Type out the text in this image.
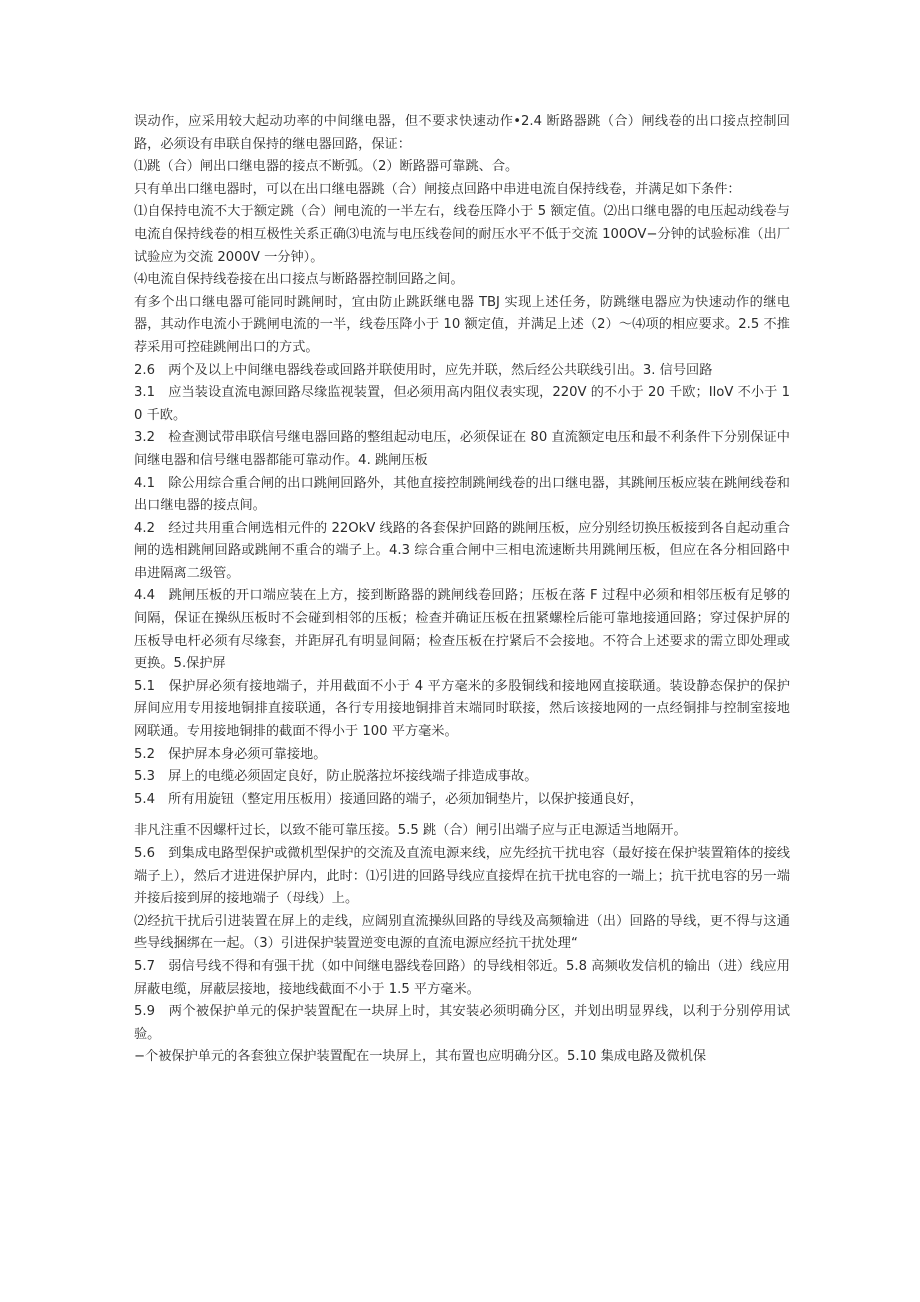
误动作，应采用较大起动功率的中间继电器，但不要求快速动作•2.4 断路器跳（合）闸线卷的出口接点控制回路，必须设有串联自保持的继电器回路，保证：

⑴跳（合）闸出口继电器的接点不断弧。（2）断路器可靠跳、合。

只有单出口继电器时，可以在出口继电器跳（合）闸接点回路中串进电流自保持线卷，并满足如下条件：

⑴自保持电流不大于额定跳（合）闸电流的一半左右，线卷压降小于 5 额定值。⑵出口继电器的电压起动线卷与电流自保持线卷的相互极性关系正确⑶电流与电压线卷间的耐压水平不低于交流 100OV−分钟的试验标准（出厂试验应为交流 2000V 一分钟）。

⑷电流自保持线卷接在出口接点与断路器控制回路之间。

有多个出口继电器可能同时跳闸时，宜由防止跳跃继电器 TBJ 实现上述任务，防跳继电器应为快速动作的继电器，其动作电流小于跳闸电流的一半，线卷压降小于 10 额定值，并满足上述（2）～⑷项的相应要求。2.5 不推荐采用可控硅跳闸出口的方式。

2.6　两个及以上中间继电器线卷或回路并联使用时，应先并联，然后经公共联线引出。3. 信号回路

3.1　应当装设直流电源回路尽缘监视装置，但必须用高内阻仪表实现，220V 的不小于 20 千欧；IloV 不小于 10 千欧。

3.2　检查测试带串联信号继电器回路的整组起动电压，必须保证在 80 直流额定电压和最不利条件下分别保证中间继电器和信号继电器都能可靠动作。4. 跳闸压板

4.1　除公用综合重合闸的出口跳闸回路外，其他直接控制跳闸线卷的出口继电器，其跳闸压板应装在跳闸线卷和出口继电器的接点间。

4.2　经过共用重合闸选相元件的 22OkV 线路的各套保护回路的跳闸压板，应分别经切换压板接到各自起动重合闸的选相跳闸回路或跳闸不重合的端子上。4.3 综合重合闸中三相电流速断共用跳闸压板，但应在各分相回路中串进隔离二级管。

4.4　跳闸压板的开口端应装在上方，接到断路器的跳闸线卷回路；压板在落 F 过程中必须和相邻压板有足够的间隔，保证在操纵压板时不会碰到相邻的压板；检查并确证压板在扭紧螺栓后能可靠地接通回路；穿过保护屏的压板导电杆必须有尽缘套，并距屏孔有明显间隔；检查压板在拧紧后不会接地。不符合上述要求的需立即处理或更换。5.保护屏

5.1　保护屏必须有接地端子，并用截面不小于 4 平方毫米的多股铜线和接地网直接联通。装设静态保护的保护屏间应用专用接地铜排直接联通，各行专用接地铜排首末端同时联接，然后该接地网的一点经铜排与控制室接地网联通。专用接地铜排的截面不得小于 100 平方毫米。

5.2　保护屏本身必须可靠接地。

5.3　屏上的电缆必须固定良好，防止脱落拉坏接线端子排造成事故。

5.4　所有用旋钮（整定用压板用）接通回路的端子，必须加铜垫片，以保护接通良好，

非凡注重不因螺杆过长，以致不能可靠压接。5.5 跳（合）闸引出端子应与正电源适当地隔开。

5.6　到集成电路型保护或微机型保护的交流及直流电源来线，应先经抗干扰电容（最好接在保护装置箱体的接线端子上），然后才进进保护屏内，此时：⑴引进的回路导线应直接焊在抗干扰电容的一端上；抗干扰电容的另一端并接后接到屏的接地端子（母线）上。

⑵经抗干扰后引进装置在屏上的走线，应阔别直流操纵回路的导线及高频输进（出）回路的导线，更不得与这通些导线捆绑在一起。（3）引进保护装置逆变电源的直流电源应经抗干扰处理“

5.7　弱信号线不得和有强干扰（如中间继电器线卷回路）的导线相邻近。5.8 高频收发信机的输出（进）线应用屏蔽电缆，屏蔽层接地，接地线截面不小于 1.5 平方毫米。

5.9　两个被保护单元的保护装置配在一块屏上时，其安装必须明确分区，并划出明显界线，以利于分别停用试验。

−个被保护单元的各套独立保护装置配在一块屏上，其布置也应明确分区。5.10 集成电路及微机保
